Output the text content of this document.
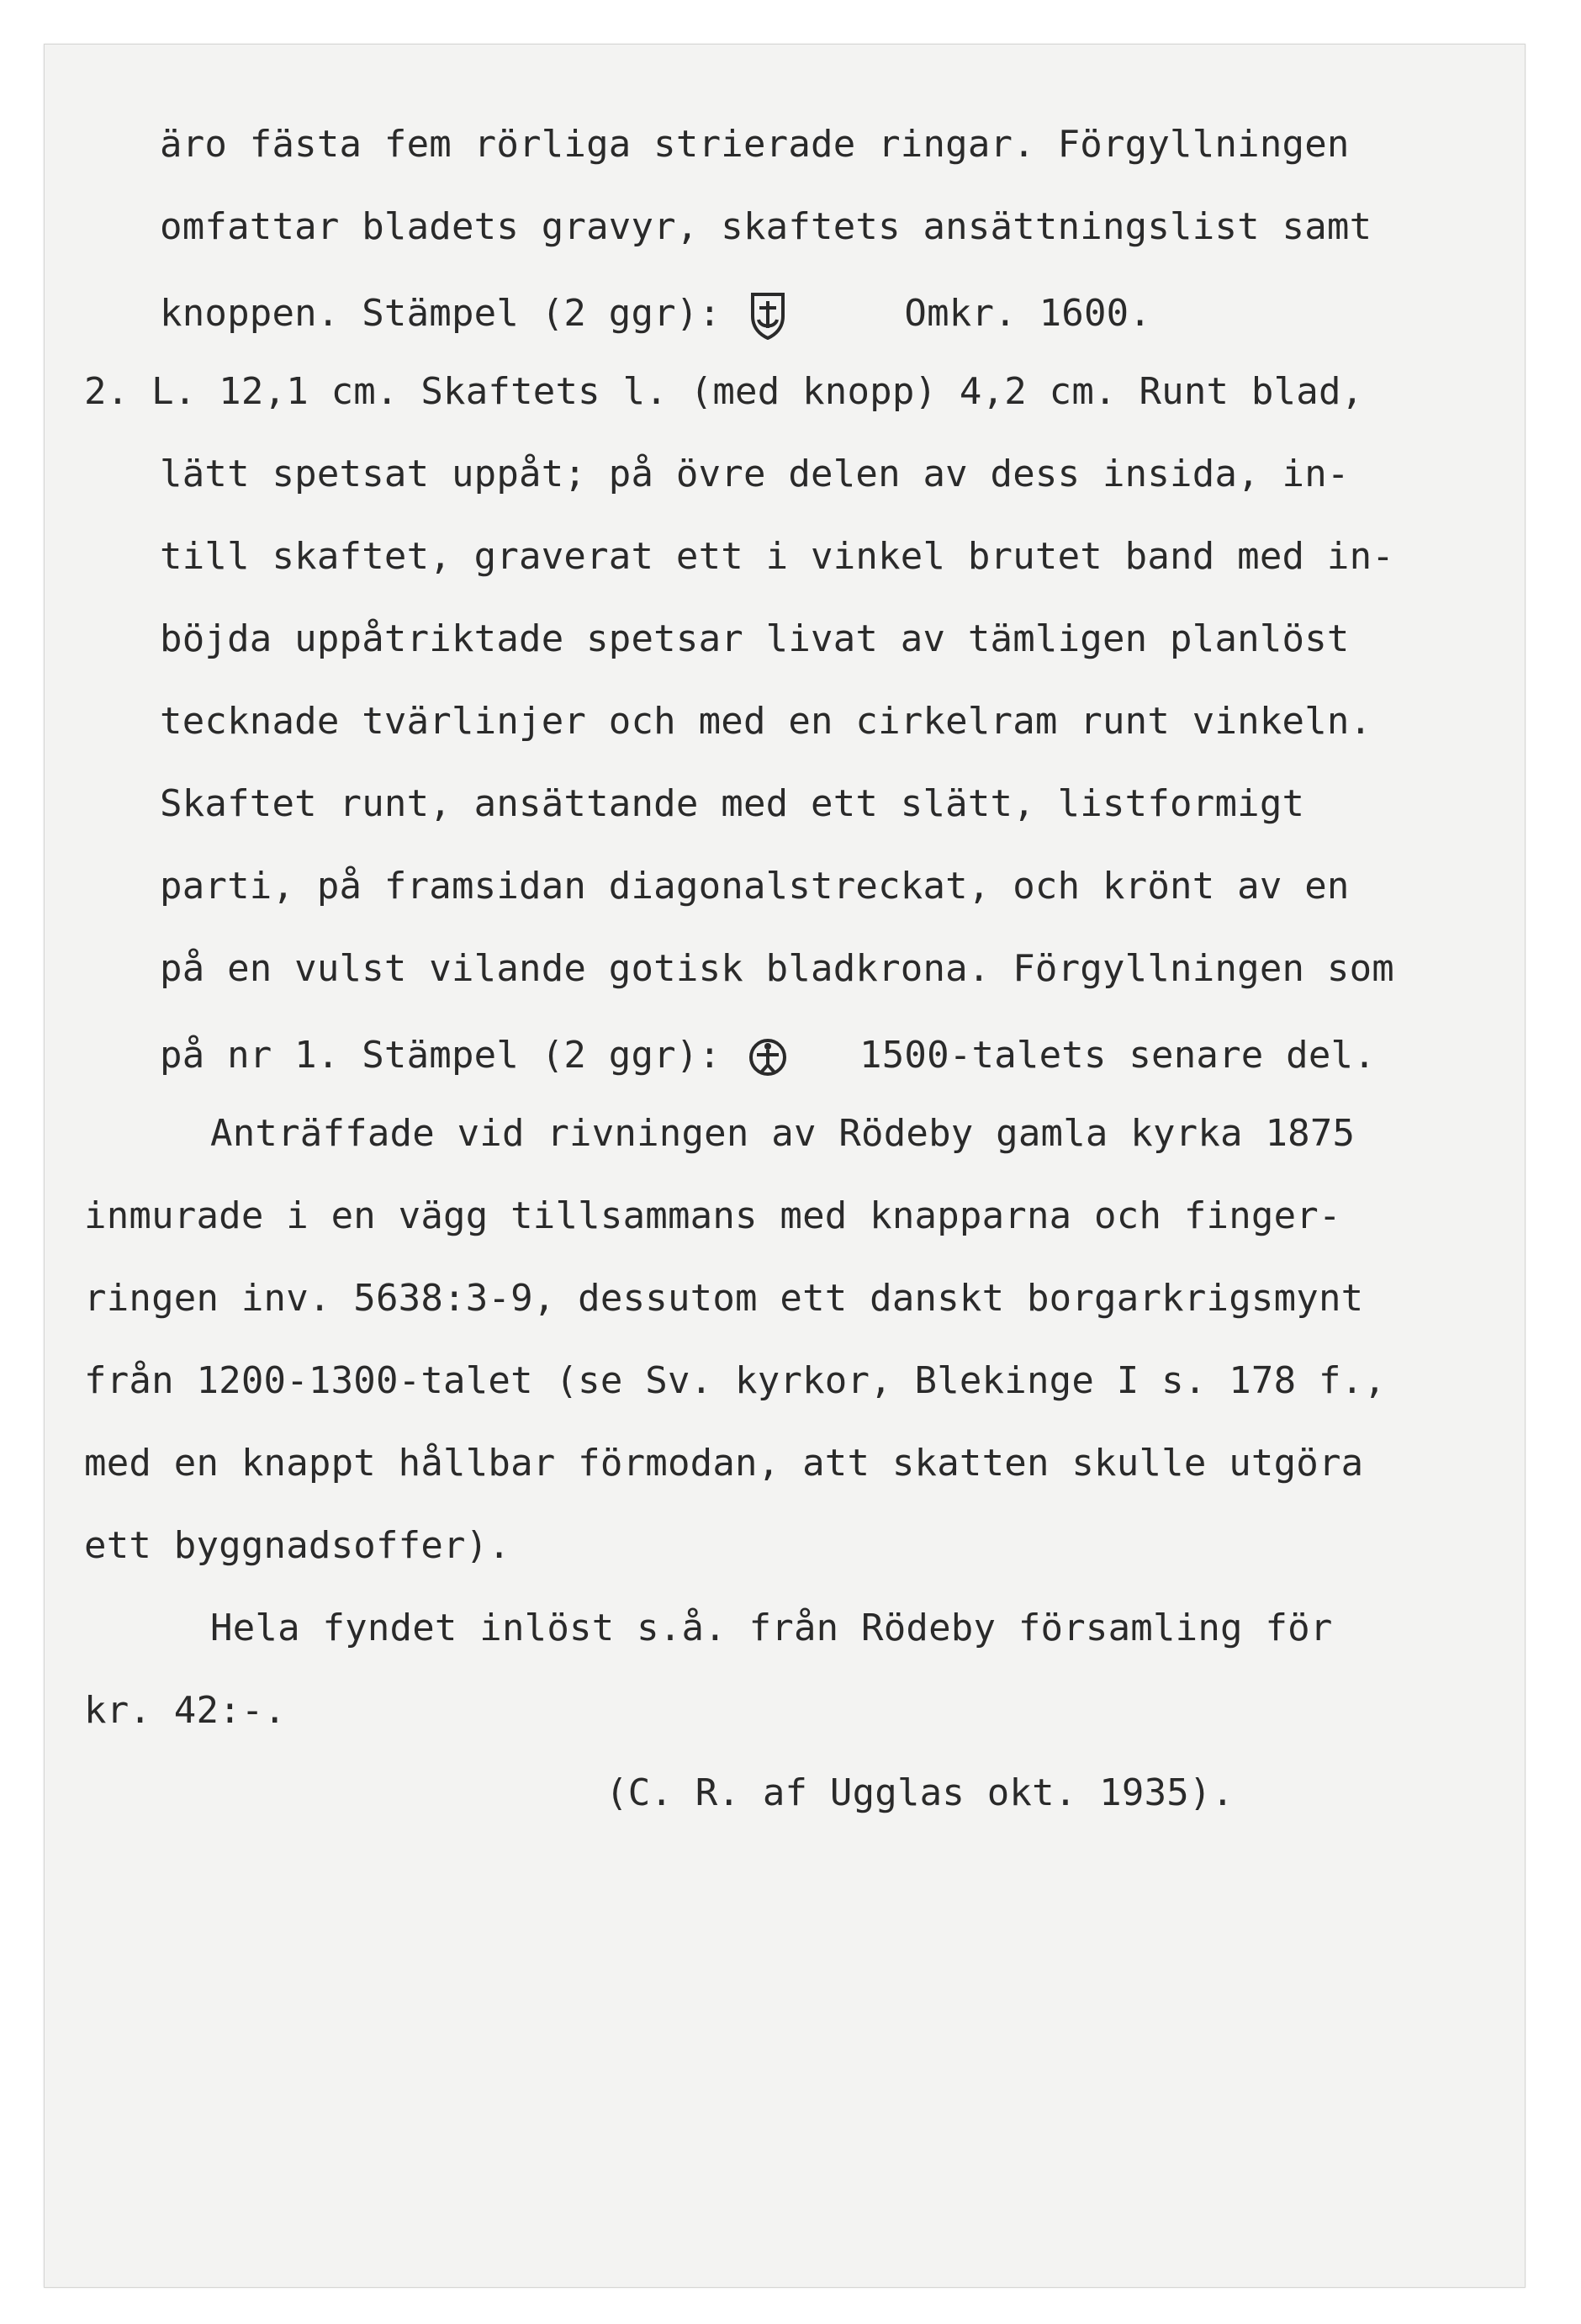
äro fästa fem rörliga strierade ringar. Förgyllningen
omfattar bladets gravyr, skaftets ansättningslist samt
knoppen. Stämpel (2 ggr):	Omkr. 1600.
2. L. 12,1 cm. Skaftets l. (med knopp) 4,2 cm. Runt blad,
lätt spetsat uppåt; på övre delen av dess insida, in-
till skaftet, graverat ett i vinkel brutet band med in-
böjda uppåtriktade spetsar livat av tämligen planlöst
tecknade tvärlinjer och med en cirkelram runt vinkeln.
Skaftet runt, ansättande med ett slätt, listformigt
parti, på framsidan diagonalstreckat, och krönt av en
på en vulst vilande gotisk bladkrona. Förgyllningen som
på nr 1. Stämpel (2 ggr):	1500-talets senare del.
Anträffade vid rivningen av Rödeby gamla kyrka 1875
inmurade i en vägg tillsammans med knapparna och finger-
ringen inv. 5638:3-9, dessutom ett danskt borgarkrigsmynt
från 1200-1300-talet (se Sv. kyrkor, Blekinge I s. 178 f.,
med en knappt hållbar förmodan, att skatten skulle utgöra
ett byggnadsoffer).
Hela fyndet inlöst s.å. från Rödeby församling för
kr. 42:-.
(C. R. af Ugglas okt. 1935).
